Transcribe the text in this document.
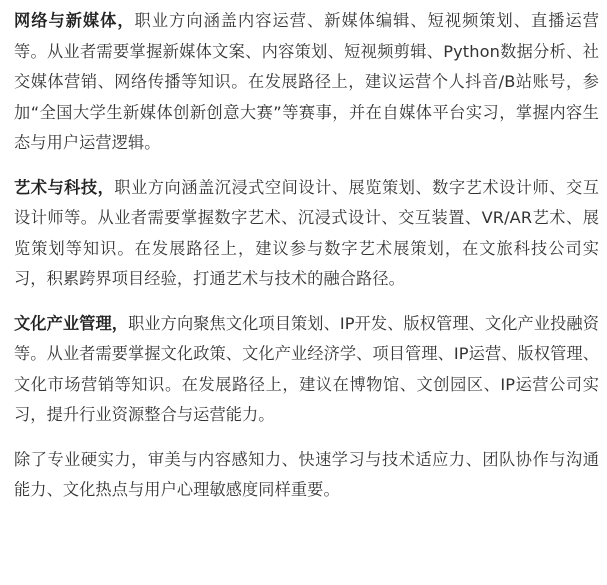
网络与新媒体，职业方向涵盖内容运营、新媒体编辑、短视频策划、直播运营等。从业者需要掌握新媒体文案、内容策划、短视频剪辑、Python数据分析、社交媒体营销、网络传播等知识。在发展路径上，建议运营个人抖音/B站账号，参加“全国大学生新媒体创新创意大赛”等赛事，并在自媒体平台实习，掌握内容生态与用户运营逻辑。

艺术与科技，职业方向涵盖沉浸式空间设计、展览策划、数字艺术设计师、交互设计师等。从业者需要掌握数字艺术、沉浸式设计、交互装置、VR/AR艺术、展览策划等知识。在发展路径上，建议参与数字艺术展策划，在文旅科技公司实习，积累跨界项目经验，打通艺术与技术的融合路径。

文化产业管理，职业方向聚焦文化项目策划、IP开发、版权管理、文化产业投融资等。从业者需要掌握文化政策、文化产业经济学、项目管理、IP运营、版权管理、文化市场营销等知识。在发展路径上，建议在博物馆、文创园区、IP运营公司实习，提升行业资源整合与运营能力。

除了专业硬实力，审美与内容感知力、快速学习与技术适应力、团队协作与沟通能力、文化热点与用户心理敏感度同样重要。
